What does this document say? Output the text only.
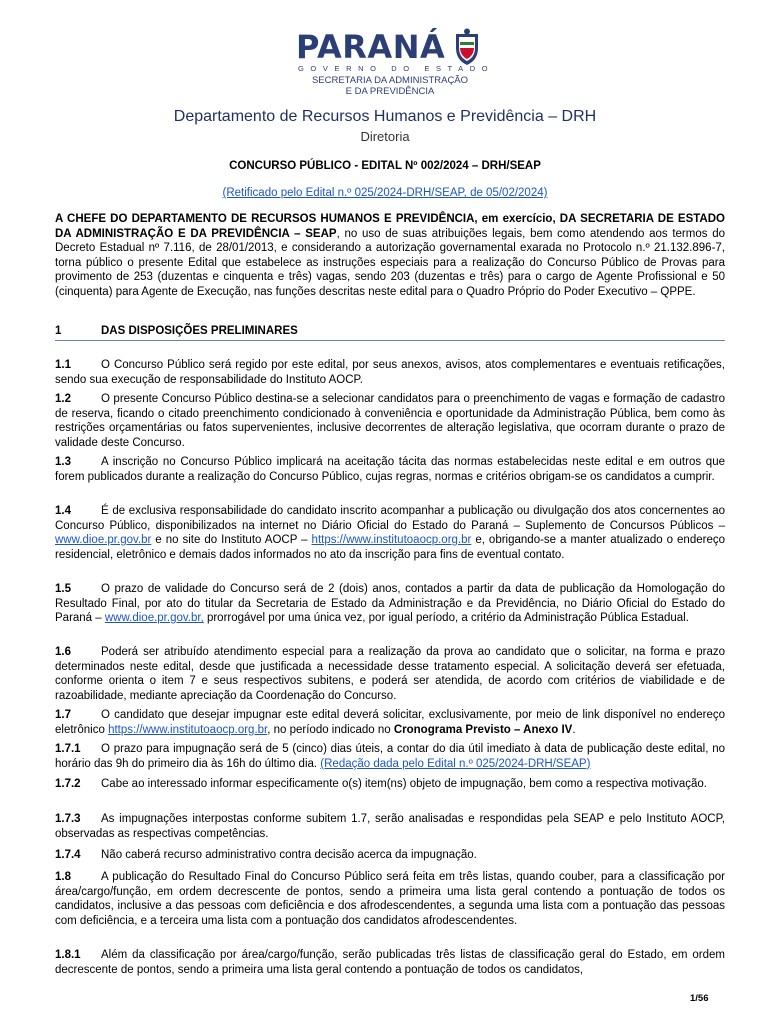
PARANÁ
GOVERNO DO ESTADO
SECRETARIA DA ADMINISTRAÇÃO
E DA PREVIDÊNCIA
Departamento de Recursos Humanos e Previdência – DRH
Diretoria
CONCURSO PÚBLICO - EDITAL Nº 002/2024 – DRH/SEAP
(Retificado pelo Edital n.º 025/2024-DRH/SEAP, de 05/02/2024)

A CHEFE DO DEPARTAMENTO DE RECURSOS HUMANOS E PREVIDÊNCIA, em exercício, DA SECRETARIA DE ESTADO DA ADMINISTRAÇÃO E DA PREVIDÊNCIA – SEAP, no uso de suas atribuições legais, bem como atendendo aos termos do Decreto Estadual nº 7.116, de 28/01/2013, e considerando a autorização governamental exarada no Protocolo n.º 21.132.896-7, torna público o presente Edital que estabelece as instruções especiais para a realização do Concurso Público de Provas para provimento de 253 (duzentas e cinquenta e três) vagas, sendo 203 (duzentas e três) para o cargo de Agente Profissional e 50 (cinquenta) para Agente de Execução, nas funções descritas neste edital para o Quadro Próprio do Poder Executivo – QPPE.

1	DAS DISPOSIÇÕES PRELIMINARES

1.1	O Concurso Público será regido por este edital, por seus anexos, avisos, atos complementares e eventuais retificações, sendo sua execução de responsabilidade do Instituto AOCP.

1.2	O presente Concurso Público destina-se a selecionar candidatos para o preenchimento de vagas e formação de cadastro de reserva, ficando o citado preenchimento condicionado à conveniência e oportunidade da Administração Pública, bem como às restrições orçamentárias ou fatos supervenientes, inclusive decorrentes de alteração legislativa, que ocorram durante o prazo de validade deste Concurso.

1.3	A inscrição no Concurso Público implicará na aceitação tácita das normas estabelecidas neste edital e em outros que forem publicados durante a realização do Concurso Público, cujas regras, normas e critérios obrigam-se os candidatos a cumprir.

1.4	É de exclusiva responsabilidade do candidato inscrito acompanhar a publicação ou divulgação dos atos concernentes ao Concurso Público, disponibilizados na internet no Diário Oficial do Estado do Paraná – Suplemento de Concursos Públicos – www.dioe.pr.gov.br e no site do Instituto AOCP – https://www.institutoaocp.org.br e, obrigando-se a manter atualizado o endereço residencial, eletrônico e demais dados informados no ato da inscrição para fins de eventual contato.

1.5	O prazo de validade do Concurso será de 2 (dois) anos, contados a partir da data de publicação da Homologação do Resultado Final, por ato do titular da Secretaria de Estado da Administração e da Previdência, no Diário Oficial do Estado do Paraná – www.dioe.pr.gov.br, prorrogável por uma única vez, por igual período, a critério da Administração Pública Estadual.

1.6	Poderá ser atribuído atendimento especial para a realização da prova ao candidato que o solicitar, na forma e prazo determinados neste edital, desde que justificada a necessidade desse tratamento especial. A solicitação deverá ser efetuada, conforme orienta o item 7 e seus respectivos subitens, e poderá ser atendida, de acordo com critérios de viabilidade e de razoabilidade, mediante apreciação da Coordenação do Concurso.

1.7	O candidato que desejar impugnar este edital deverá solicitar, exclusivamente, por meio de link disponível no endereço eletrônico https://www.institutoaocp.org.br, no período indicado no Cronograma Previsto – Anexo IV.

1.7.1 O prazo para impugnação será de 5 (cinco) dias úteis, a contar do dia útil imediato à data de publicação deste edital, no horário das 9h do primeiro dia às 16h do último dia. (Redação dada pelo Edital n.º 025/2024-DRH/SEAP)

1.7.2 Cabe ao interessado informar especificamente o(s) item(ns) objeto de impugnação, bem como a respectiva motivação.

1.7.3 As impugnações interpostas conforme subitem 1.7, serão analisadas e respondidas pela SEAP e pelo Instituto AOCP, observadas as respectivas competências.

1.7.4 Não caberá recurso administrativo contra decisão acerca da impugnação.

1.8	A publicação do Resultado Final do Concurso Público será feita em três listas, quando couber, para a classificação por área/cargo/função, em ordem decrescente de pontos, sendo a primeira uma lista geral contendo a pontuação de todos os candidatos, inclusive a das pessoas com deficiência e dos afrodescendentes, a segunda uma lista com a pontuação das pessoas com deficiência, e a terceira uma lista com a pontuação dos candidatos afrodescendentes.

1.8.1 Além da classificação por área/cargo/função, serão publicadas três listas de classificação geral do Estado, em ordem decrescente de pontos, sendo a primeira uma lista geral contendo a pontuação de todos os candidatos,

1/56
